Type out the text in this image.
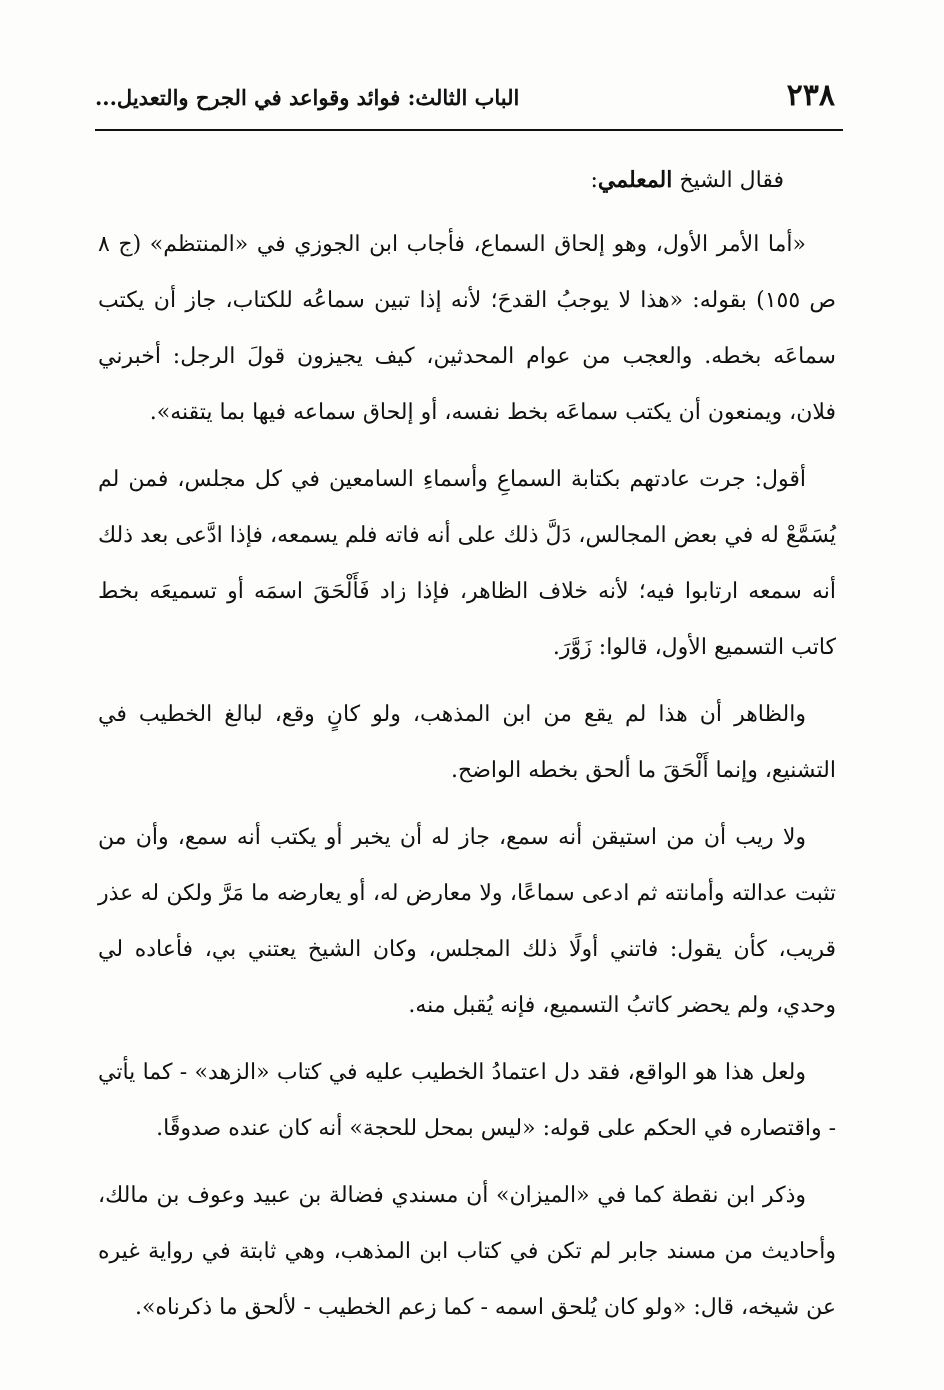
٢٣٨
الباب الثالث: فوائد وقواعد في الجرح والتعديل...

فقال الشيخ المعلمي:

«أما الأمر الأول، وهو إلحاق السماع، فأجاب ابن الجوزي في «المنتظم» (ج ٨ ص ١٥٥) بقوله: «هذا لا يوجبُ القدحَ؛ لأنه إذا تبين سماعُه للكتاب، جاز أن يكتب سماعَه بخطه. والعجب من عوام المحدثين، كيف يجيزون قولَ الرجل: أخبرني فلان، ويمنعون أن يكتب سماعَه بخط نفسه، أو إلحاق سماعه فيها بما يتقنه».

أقول: جرت عادتهم بكتابة السماعِ وأسماءِ السامعين في كل مجلس، فمن لم يُسَمَّعْ له في بعض المجالس، دَلَّ ذلك على أنه فاته فلم يسمعه، فإذا ادَّعى بعد ذلك أنه سمعه ارتابوا فيه؛ لأنه خلاف الظاهر، فإذا زاد فَأَلْحَقَ اسمَه أو تسميعَه بخط كاتب التسميع الأول، قالوا: زَوَّرَ.

والظاهر أن هذا لم يقع من ابن المذهب، ولو كانٍ وقع، لبالغ الخطيب في التشنيع، وإنما أَلْحَقَ ما ألحق بخطه الواضح.

ولا ريب أن من استيقن أنه سمع، جاز له أن يخبر أو يكتب أنه سمع، وأن من تثبت عدالته وأمانته ثم ادعى سماعًا، ولا معارض له، أو يعارضه ما مَرَّ ولكن له عذر قريب، كأن يقول: فاتني أولًا ذلك المجلس، وكان الشيخ يعتني بي، فأعاده لي وحدي، ولم يحضر كاتبُ التسميع، فإنه يُقبل منه.

ولعل هذا هو الواقع، فقد دل اعتمادُ الخطيب عليه في كتاب «الزهد» - كما يأتي - واقتصاره في الحكم على قوله: «ليس بمحل للحجة» أنه كان عنده صدوقًا.

وذكر ابن نقطة كما في «الميزان» أن مسندي فضالة بن عبيد وعوف بن مالك، وأحاديث من مسند جابر لم تكن في كتاب ابن المذهب، وهي ثابتة في رواية غيره عن شيخه، قال: «ولو كان يُلحق اسمه - كما زعم الخطيب - لألحق ما ذكرناه».
